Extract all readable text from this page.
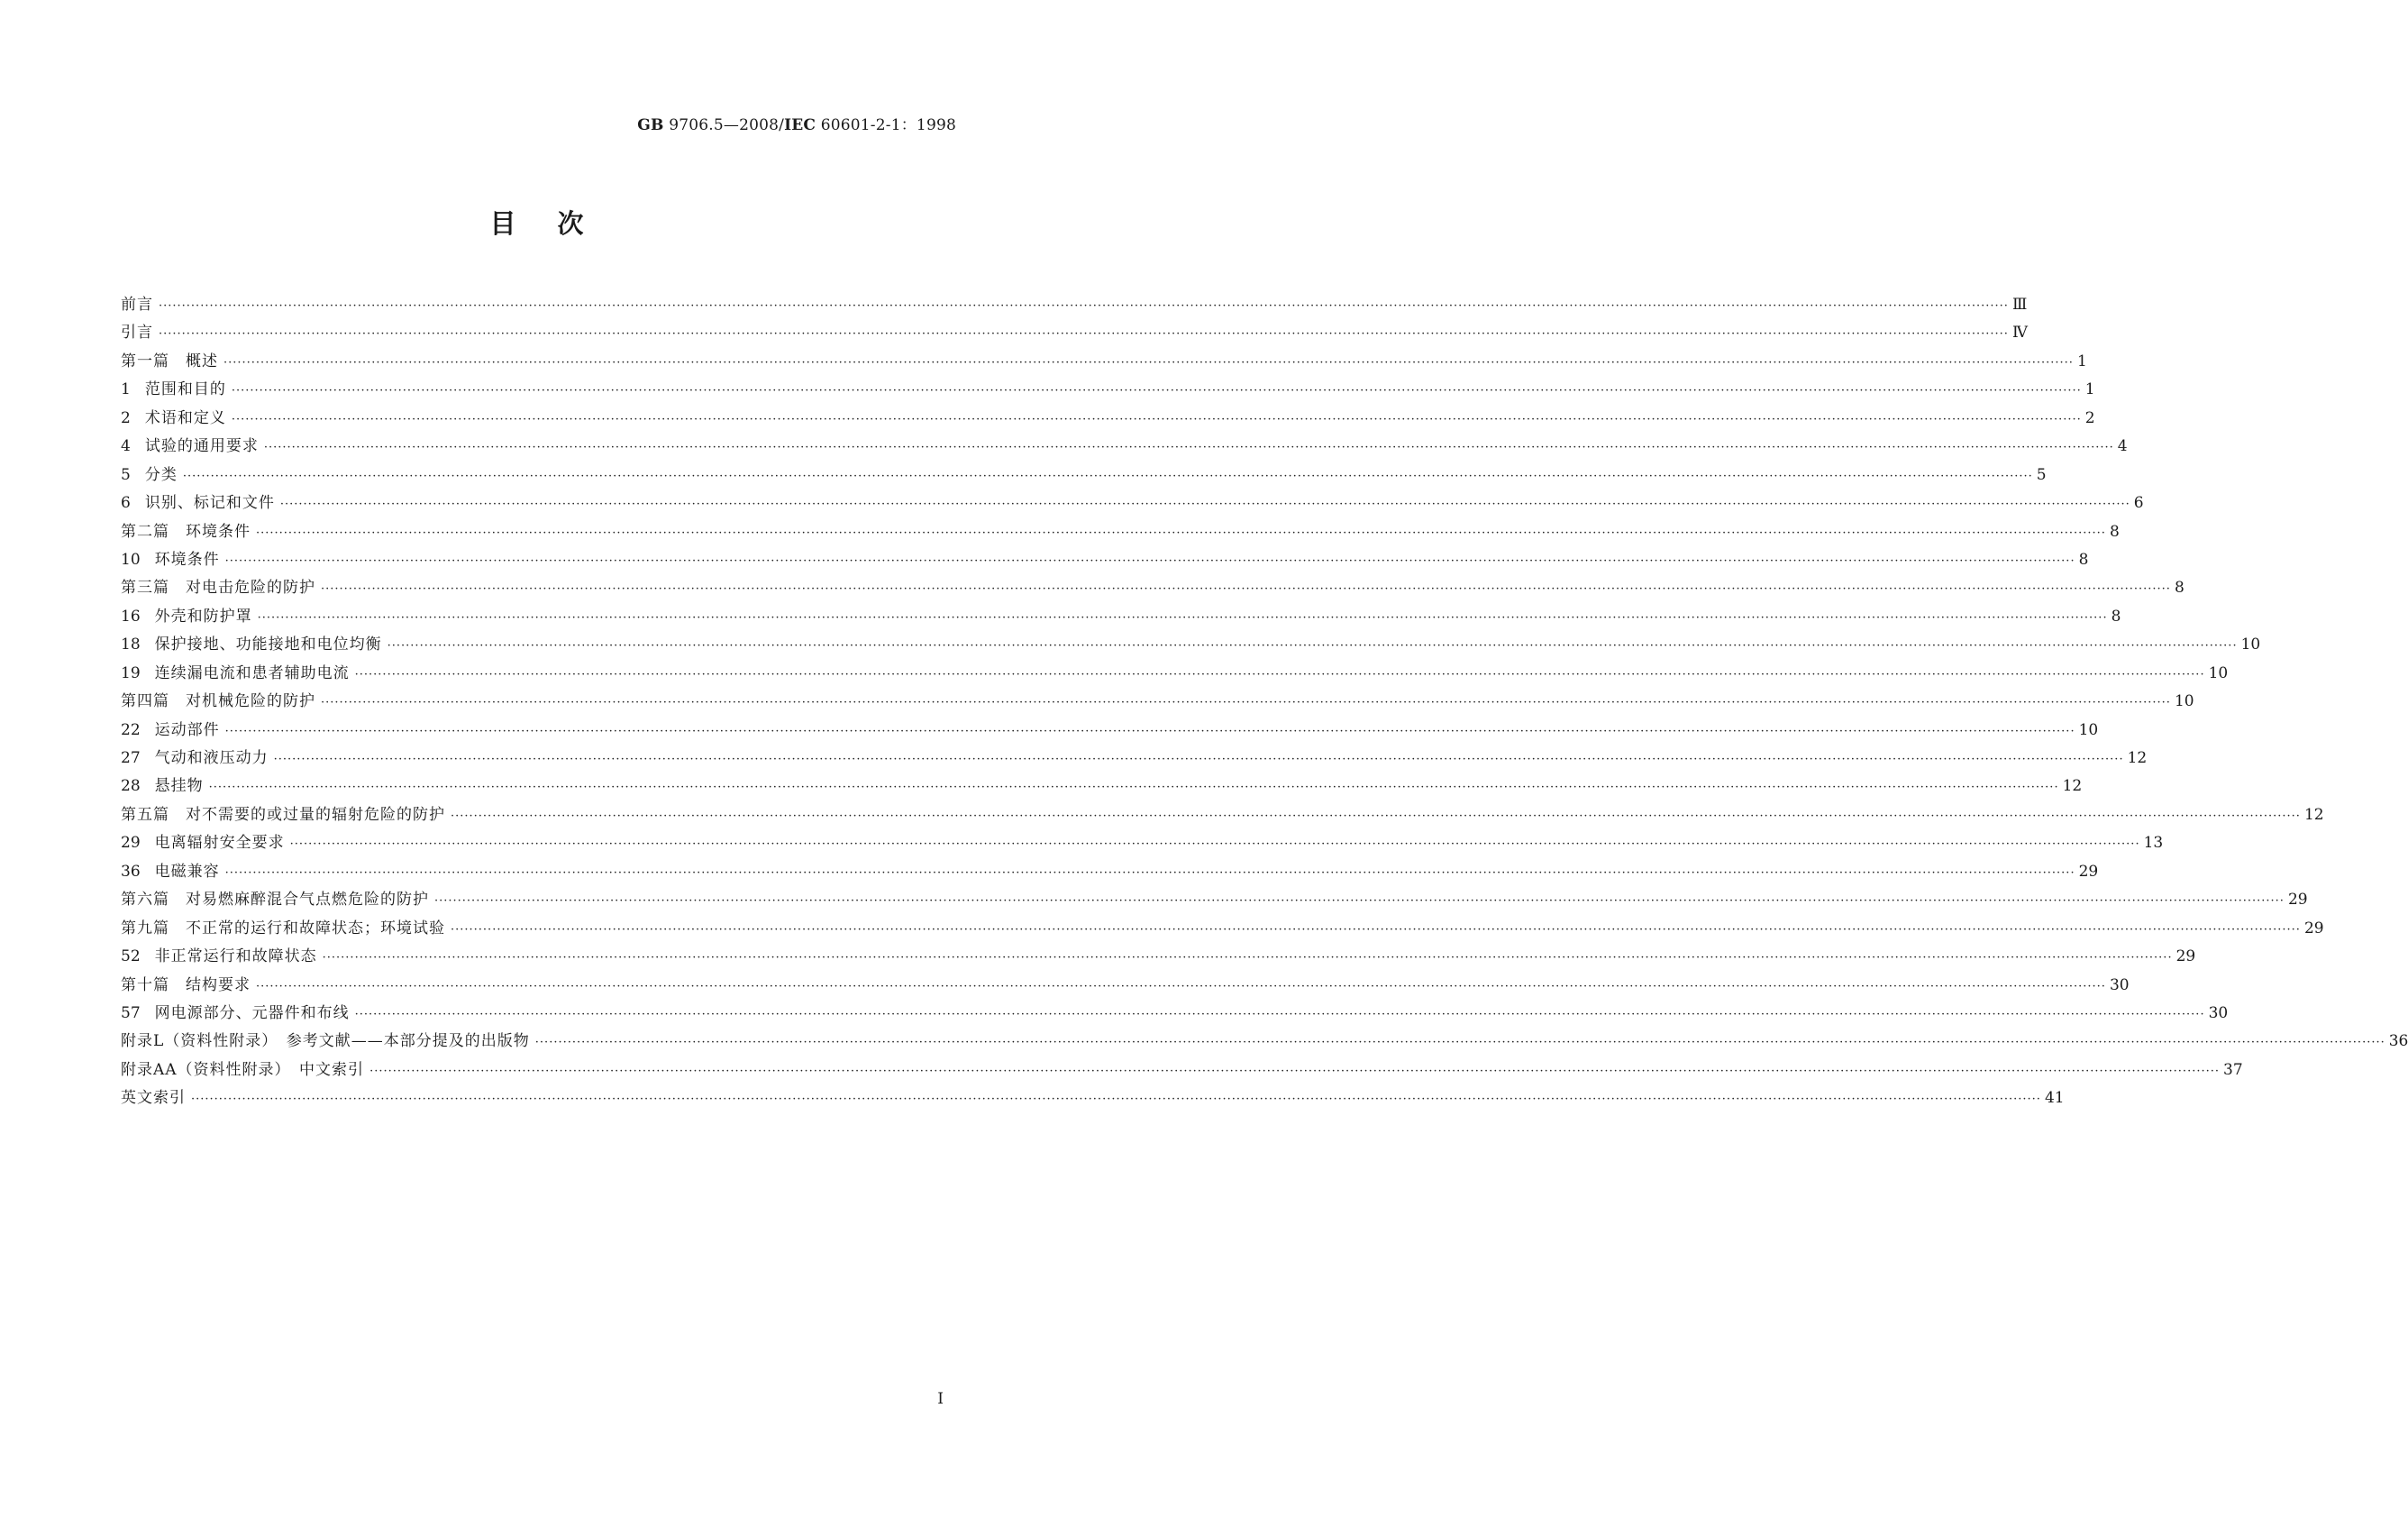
GB 9706.5—2008/IEC 60601-2-1：1998
目次
前言 ················································································································································································································································································································································································································ Ⅲ
引言 ················································································································································································································································································································································································································ Ⅳ
第一篇　概述 ················································································································································································································································································································································································································ 1
1 范围和目的 ················································································································································································································································································································································································································ 1
2 术语和定义 ················································································································································································································································································································································································································ 2
4 试验的通用要求 ················································································································································································································································································································································································································ 4
5 分类 ················································································································································································································································································································································································································ 5
6 识别、标记和文件 ················································································································································································································································································································································································································ 6
第二篇　环境条件 ················································································································································································································································································································································································································ 8
10 环境条件 ················································································································································································································································································································································································································ 8
第三篇　对电击危险的防护 ················································································································································································································································································································································································································ 8
16 外壳和防护罩 ················································································································································································································································································································································································································ 8
18 保护接地、功能接地和电位均衡 ················································································································································································································································································································································································································ 10
19 连续漏电流和患者辅助电流 ················································································································································································································································································································································································································ 10
第四篇　对机械危险的防护 ················································································································································································································································································································································································································ 10
22 运动部件 ················································································································································································································································································································································································································ 10
27 气动和液压动力 ················································································································································································································································································································································································································ 12
28 悬挂物 ················································································································································································································································································································································································································ 12
第五篇　对不需要的或过量的辐射危险的防护 ················································································································································································································································································································································································································ 12
29 电离辐射安全要求 ················································································································································································································································································································································································································ 13
36 电磁兼容 ················································································································································································································································································································································································································ 29
第六篇　对易燃麻醉混合气点燃危险的防护 ················································································································································································································································································································································································································ 29
第九篇　不正常的运行和故障状态；环境试验 ················································································································································································································································································································································································································ 29
52 非正常运行和故障状态 ················································································································································································································································································································································································································ 29
第十篇　结构要求 ················································································································································································································································································································································································································ 30
57 网电源部分、元器件和布线 ················································································································································································································································································································································································································ 30
附录L（资料性附录）　参考文献——本部分提及的出版物 ················································································································································································································································································································································································································ 36
附录AA（资料性附录）　中文索引 ················································································································································································································································································································································································································ 37
英文索引 ················································································································································································································································································································································································································ 41
I
